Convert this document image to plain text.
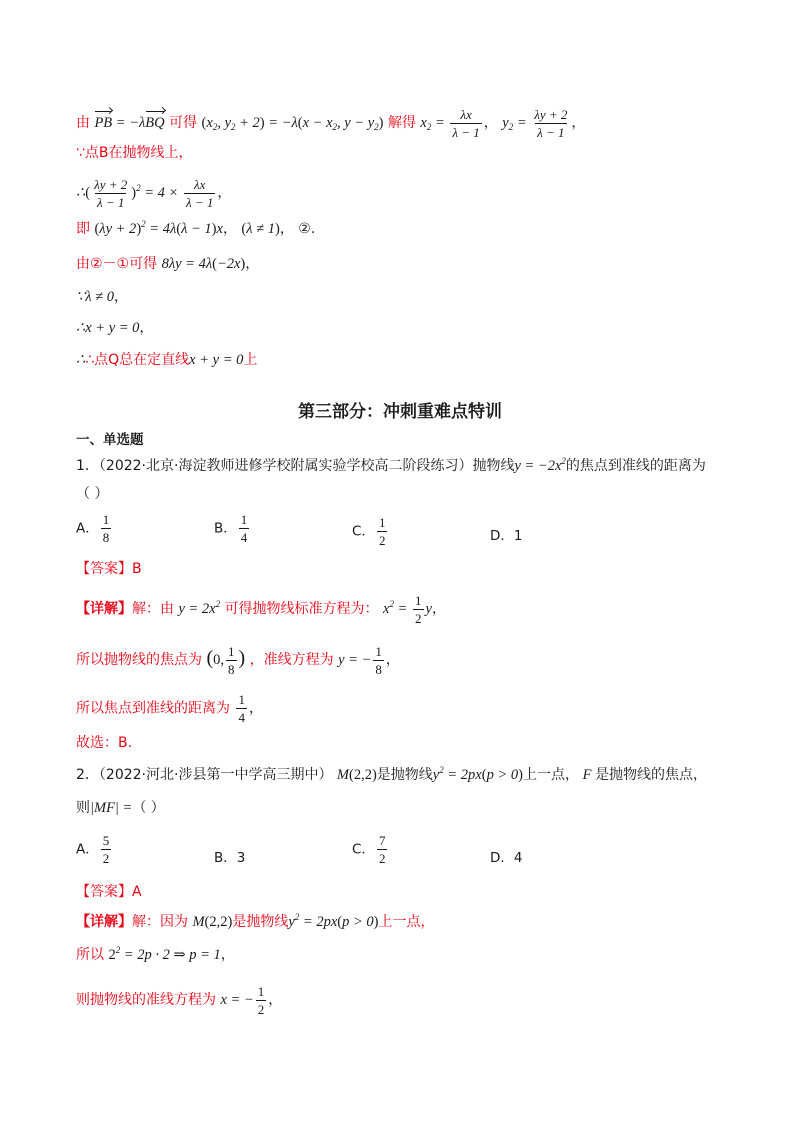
由 PB = −λBQ 可得 ($x_2$, $y_2 + 2) = -\lambda(x - x_2$, $y - y_2$) 解得 $x_2 = \frac{\lambda x}{\lambda - 1}$ ， $y_2 = \frac{\lambda y + 2}{\lambda - 1}$ ，
∵点B在抛物线上，
∴( $\frac{\lambda y + 2}{\lambda - 1} )^2 = 4 \times \frac{\lambda x}{\lambda - 1}$ ，
即 $(\lambda y + 2)^2 = 4\lambda(\lambda - 1)x$， (λ ≠ 1)， ②.
由②－①可得 8λy = 4λ(−2x)，
∵λ ≠ 0，
∴x + y = 0，
∴∴点Q总在定直线x + y = 0上
第三部分：冲刺重难点特训
一、单选题
1．（2022·北京·海淀教师进修学校附属实验学校高二阶段练习）抛物线$y = -2x^2$的焦点到准线的距离为
（ ）
A． $\frac{1}{8}$	B． $\frac{1}{4}$	C． $\frac{1}{2}$	D．1
【答案】B
【详解】解：由 $y = 2x^2$ 可得抛物线标准方程为： $x^2 = \frac{1}{2}$ y，
所以抛物线的焦点为 (0, $\frac{1}{8}$ ) ，准线方程为 y = − $\frac{1}{8}$ ，
所以焦点到准线的距离为 $\frac{1}{4}$ ，
故选：B.
2．（2022·河北·涉县第一中学高三期中） M(2,2)是抛物线$y^2 = 2px(p > 0)$上一点， F 是抛物线的焦点，
则|MF| =（ ）
A． $\frac{5}{2}$	B．3
C． $\frac{7}{2}$	D．4
【答案】A
【详解】解：因为 M(2,2)是抛物线$y^2 = 2px(p > 0)$上一点，
所以 $2^2 = 2p \cdot 2$ ⇒ p = 1，
则抛物线的准线方程为 x = − $\frac{1}{2}$ ，
